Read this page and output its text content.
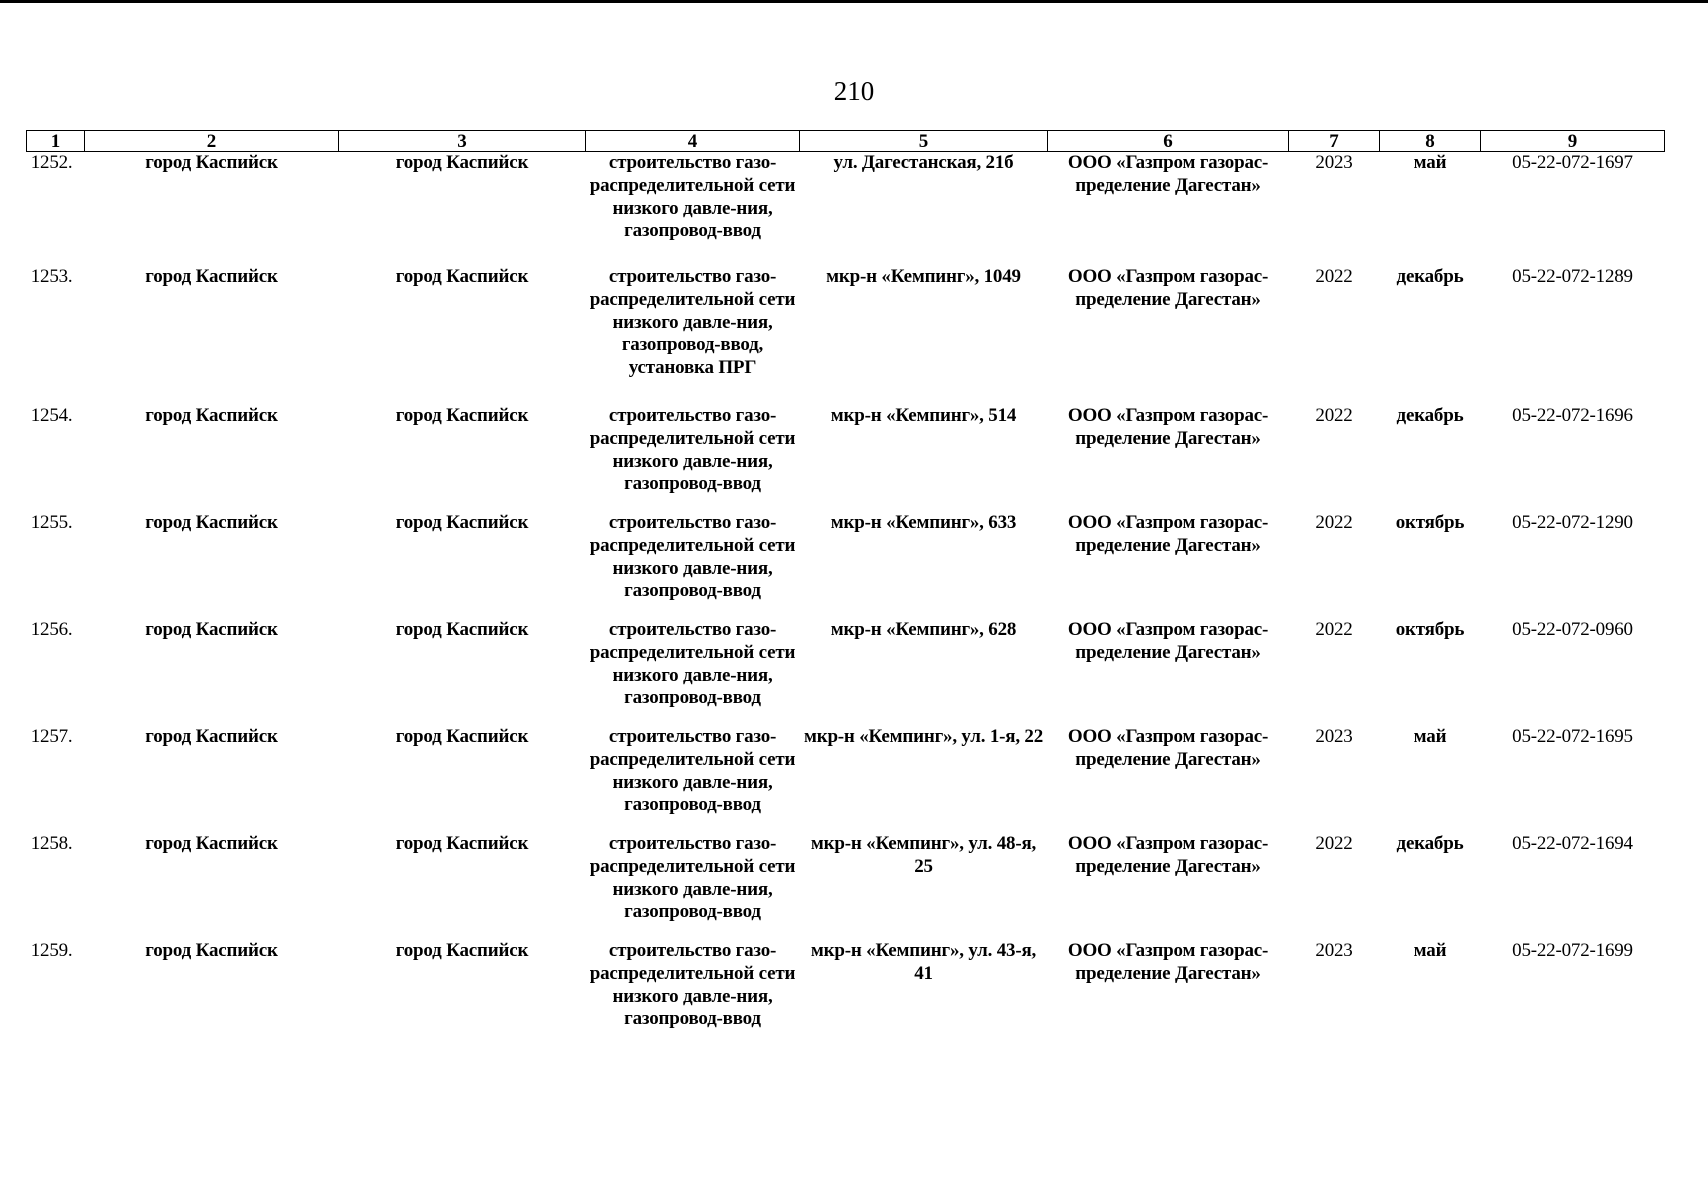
210
1	2	3	4	5	6	7	8	9
1252.	город Каспийск	город Каспийск	строительство газо-распределительной сети низкого давле-ния, газопровод-ввод	ул. Дагестанская, 21б	ООО «Газпром газорас-пределение Дагестан»	2023	май	05-22-072-1697
1253.	город Каспийск	город Каспийск	строительство газо-распределительной сети низкого давле-ния, газопровод-ввод, установка ПРГ	мкр-н «Кемпинг», 1049	ООО «Газпром газорас-пределение Дагестан»	2022	декабрь	05-22-072-1289
1254.	город Каспийск	город Каспийск	строительство газо-распределительной сети низкого давле-ния, газопровод-ввод	мкр-н «Кемпинг», 514	ООО «Газпром газорас-пределение Дагестан»	2022	декабрь	05-22-072-1696
1255.	город Каспийск	город Каспийск	строительство газо-распределительной сети низкого давле-ния, газопровод-ввод	мкр-н «Кемпинг», 633	ООО «Газпром газорас-пределение Дагестан»	2022	октябрь	05-22-072-1290
1256.	город Каспийск	город Каспийск	строительство газо-распределительной сети низкого давле-ния, газопровод-ввод	мкр-н «Кемпинг», 628	ООО «Газпром газорас-пределение Дагестан»	2022	октябрь	05-22-072-0960
1257.	город Каспийск	город Каспийск	строительство газо-распределительной сети низкого давле-ния, газопровод-ввод	мкр-н «Кемпинг», ул. 1-я, 22	ООО «Газпром газорас-пределение Дагестан»	2023	май	05-22-072-1695
1258.	город Каспийск	город Каспийск	строительство газо-распределительной сети низкого давле-ния, газопровод-ввод	мкр-н «Кемпинг», ул. 48-я, 25	ООО «Газпром газорас-пределение Дагестан»	2022	декабрь	05-22-072-1694
1259.	город Каспийск	город Каспийск	строительство газо-распределительной сети низкого давле-ния, газопровод-ввод	мкр-н «Кемпинг», ул. 43-я, 41	ООО «Газпром газорас-пределение Дагестан»	2023	май	05-22-072-1699
